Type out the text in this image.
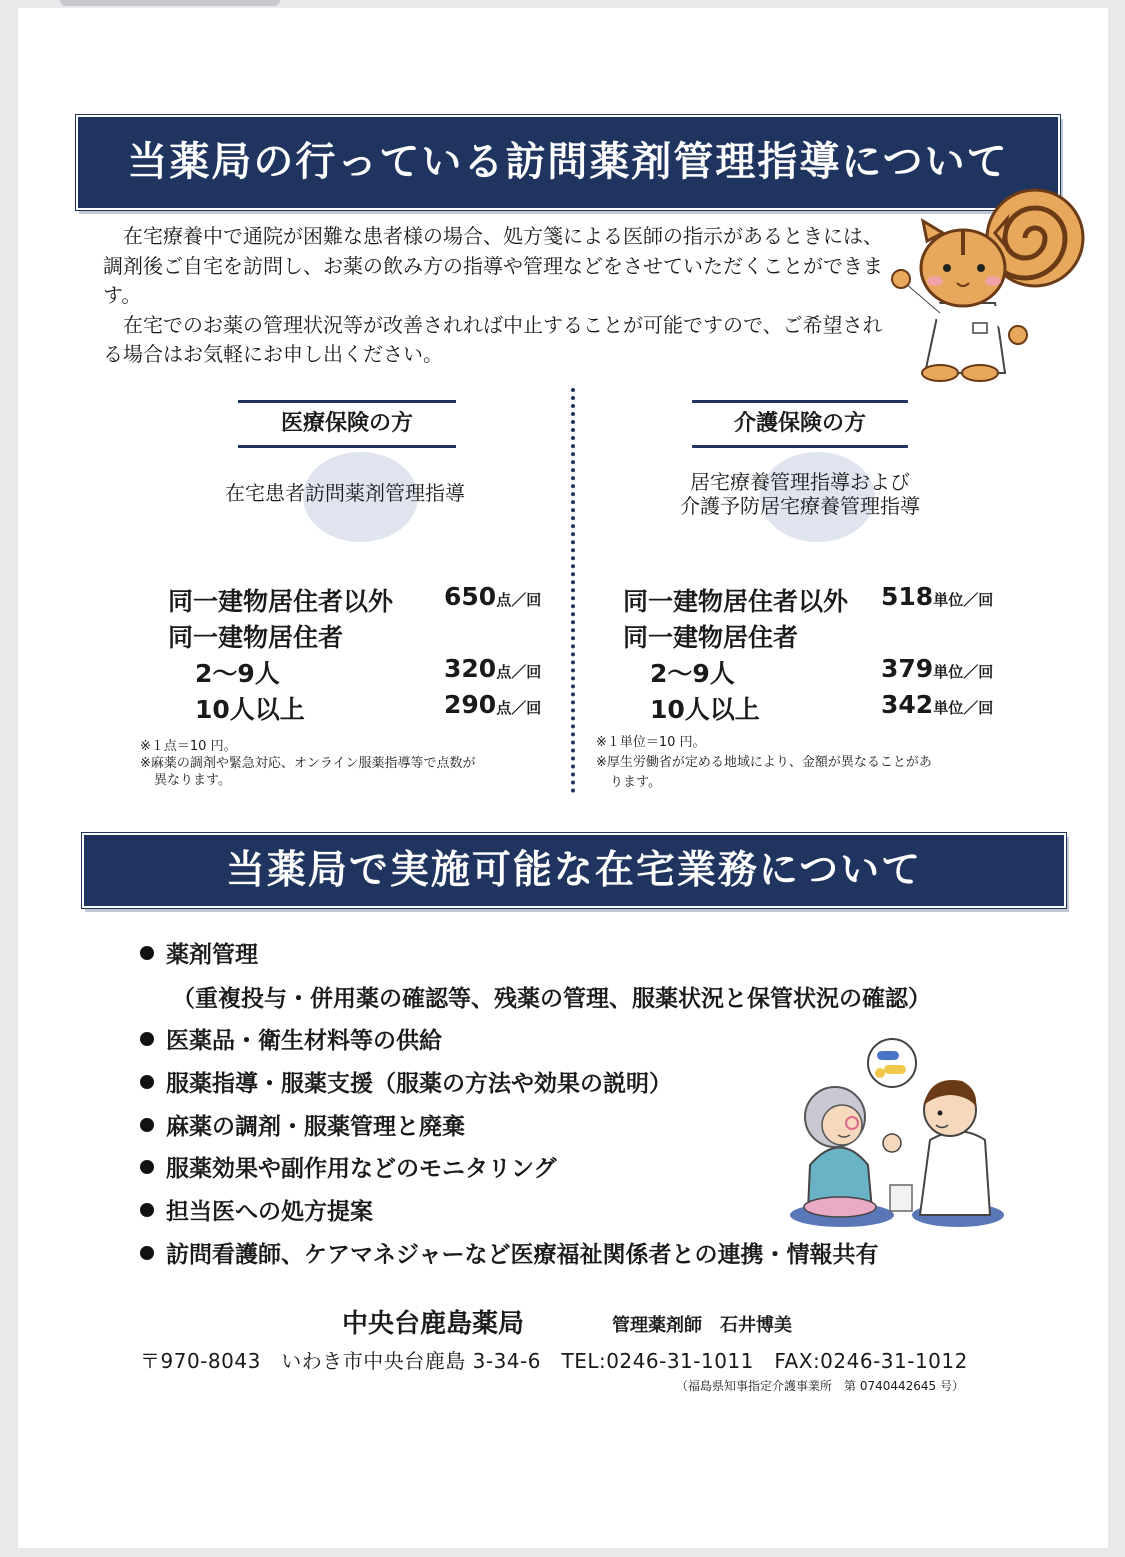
当薬局の行っている訪問薬剤管理指導について

在宅療養中で通院が困難な患者様の場合、処方箋による医師の指示があるときには、調剤後ご自宅を訪問し、お薬の飲み方の指導や管理などをさせていただくことができます。

在宅でのお薬の管理状況等が改善されれば中止することが可能ですので、ご希望される場合はお気軽にお申し出ください。

医療保険の方
在宅患者訪問薬剤管理指導
同一建物居住者以外 650点／回
同一建物居住者
2～9人	320点／回
10人以上	290点／回
※１点＝10 円。
※麻薬の調剤や緊急対応、オンライン服薬指導等で点数が
異なります。
介護保険の方
居宅療養管理指導および
介護予防居宅療養管理指導
同一建物居住者以外 518単位／回
同一建物居住者
2～9人	379単位／回
10人以上	342単位／回
※１単位＝10 円。
※厚生労働省が定める地域により、金額が異なることがあ
ります。
当薬局で実施可能な在宅業務について
薬剤管理
（重複投与・併用薬の確認等、残薬の管理、服薬状況と保管状況の確認）
医薬品・衛生材料等の供給
服薬指導・服薬支援（服薬の方法や効果の説明）
麻薬の調剤・服薬管理と廃棄
服薬効果や副作用などのモニタリング
担当医への処方提案
訪問看護師、ケアマネジャーなど医療福祉関係者との連携・情報共有
中央台鹿島薬局	管理薬剤師　石井博美
〒970-8043　いわき市中央台鹿島 3-34-6　TEL:0246-31-1011　FAX:0246-31-1012
（福島県知事指定介護事業所　第 0740442645 号）
